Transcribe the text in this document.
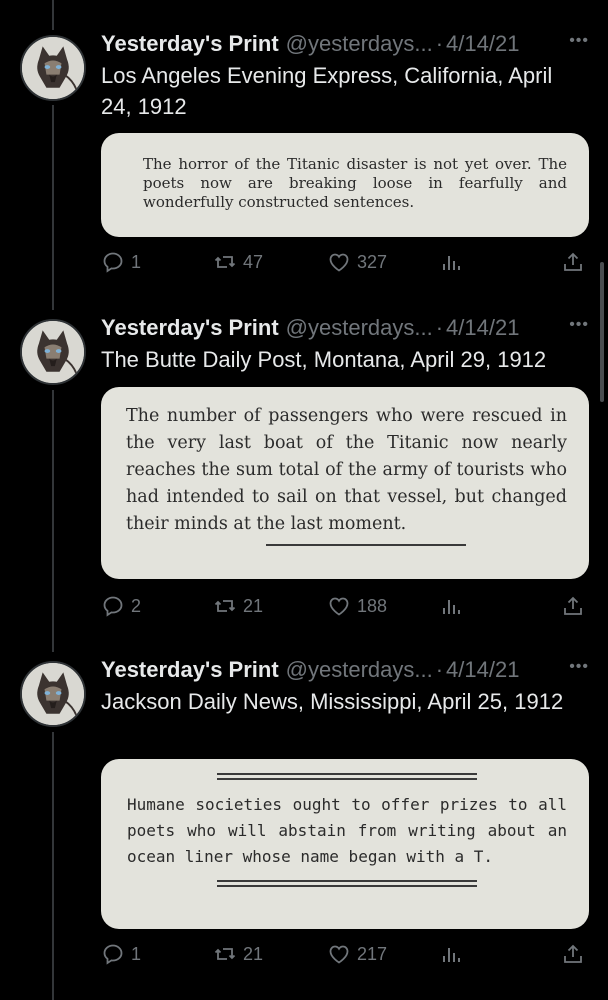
Yesterday's Print @yesterdays... · 4/14/21	•••
Los Angeles Evening Express, California, April 24, 1912
The horror of the Titanic disaster is not yet over. The poets now are breaking loose in fearfully and wonderfully constructed sentences.
1	47	327
Yesterday's Print @yesterdays... · 4/14/21	•••
The Butte Daily Post, Montana, April 29, 1912
The number of passengers who were rescued in the very last boat of the Titanic now nearly reaches the sum total of the army of tourists who had intended to sail on that vessel, but changed their minds at the last moment.
2	21	188
Yesterday's Print @yesterdays... · 4/14/21	•••
Jackson Daily News, Mississippi, April 25, 1912
Humane societies ought to offer prizes to all poets who will abstain from writing about an ocean liner whose name began with a T.
1	21	217
